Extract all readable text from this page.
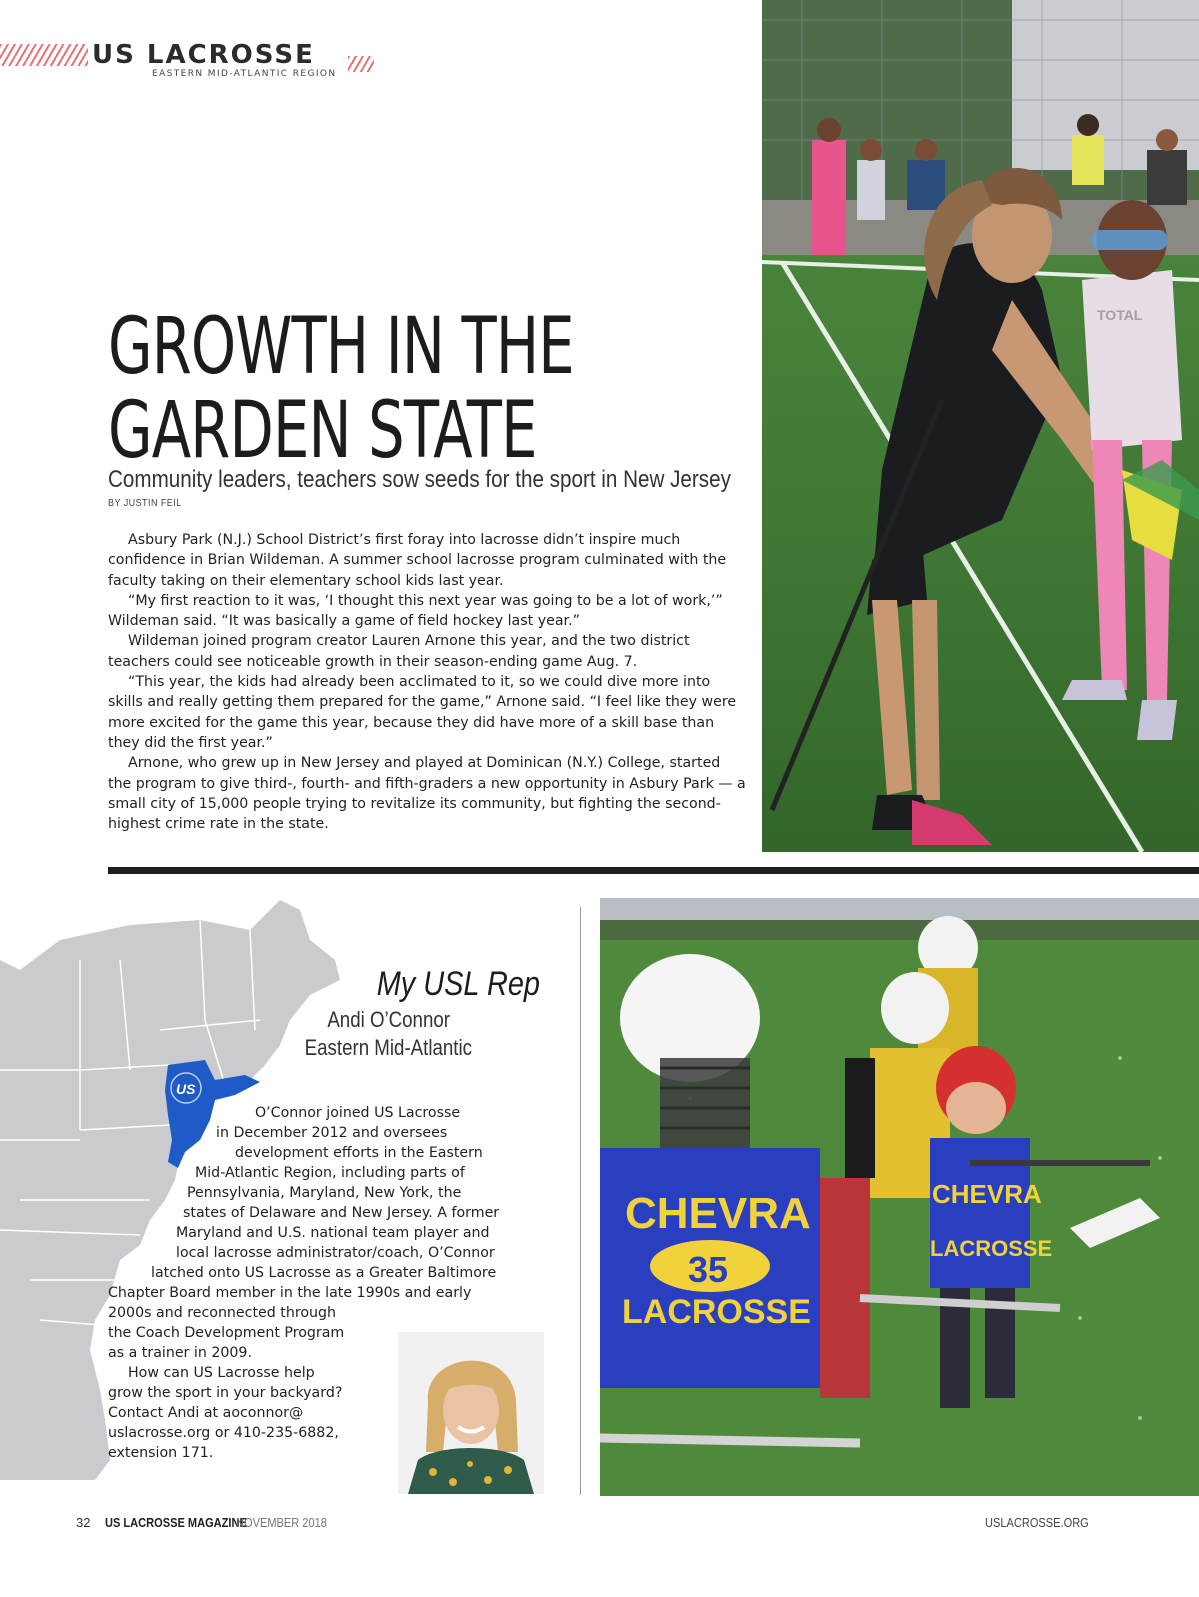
US LACROSSE
EASTERN MID-ATLANTIC REGION
GROWTH IN THE
GARDEN STATE
Community leaders, teachers sow seeds for the sport in New Jersey
BY JUSTIN FEIL

Asbury Park (N.J.) School District’s first foray into lacrosse didn’t inspire much confidence in Brian Wildeman. A summer school lacrosse program culminated with the faculty taking on their elementary school kids last year.

“My first reaction to it was, ‘I thought this next year was going to be a lot of work,’” Wildeman said. “It was basically a game of field hockey last year.”

Wildeman joined program creator Lauren Arnone this year, and the two district teachers could see noticeable growth in their season-ending game Aug. 7.

“This year, the kids had already been acclimated to it, so we could dive more into skills and really getting them prepared for the game,” Arnone said. “I feel like they were more excited for the game this year, because they did have more of a skill base than they did the first year.”

Arnone, who grew up in New Jersey and played at Dominican (N.Y.) College, started the program to give third-, fourth- and fifth-graders a new opportunity in Asbury Park — a small city of 15,000 people trying to revitalize its community, but fighting the second-highest crime rate in the state.

TOTAL
US
My USL Rep
Andi O’Connor
Eastern Mid-Atlantic
O’Connor joined US Lacrosse
in December 2012 and oversees
development efforts in the Eastern
Mid-Atlantic Region, including parts of
Pennsylvania, Maryland, New York, the
states of Delaware and New Jersey. A former
Maryland and U.S. national team player and
local lacrosse administrator/coach, O’Connor
latched onto US Lacrosse as a Greater Baltimore
Chapter Board member in the late 1990s and early
2000s and reconnected through
the Coach Development Program
as a trainer in 2009.
How can US Lacrosse help
grow the sport in your backyard?
Contact Andi at aoconnor@
uslacrosse.org or 410-235-6882,
extension 171.
CHEVRA
35
LACROSSE
CHEVRA
16
LACROSSE
32 US LACROSSE MAGAZINE
NOVEMBER 2018	USLACROSSE.ORG
